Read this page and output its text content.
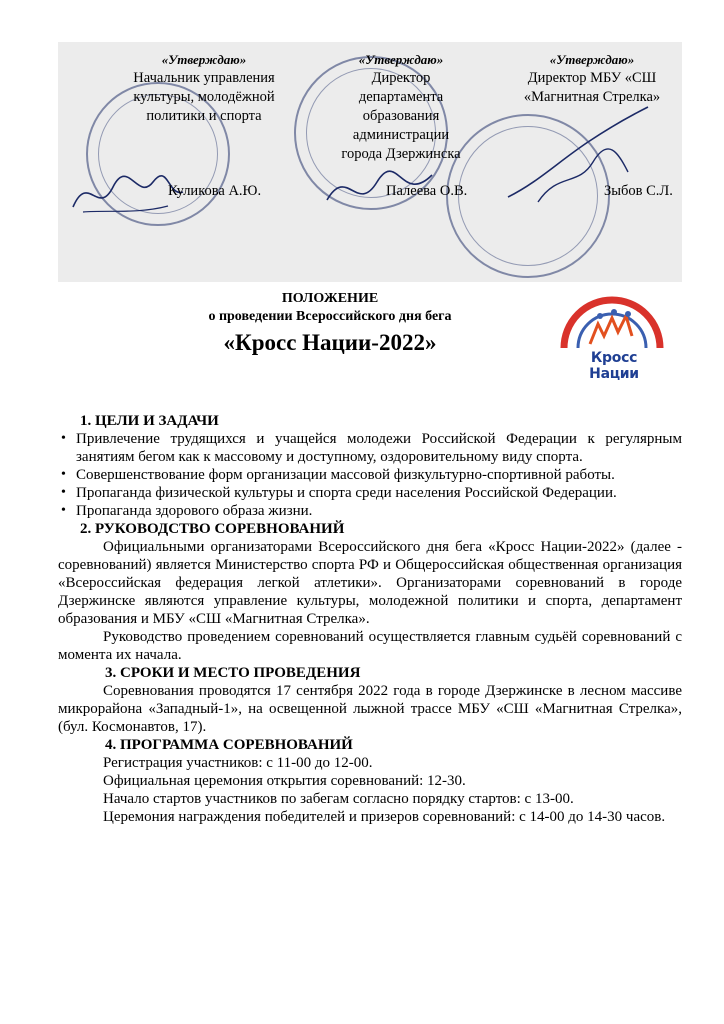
«Утверждаю»
Начальник управления
культуры, молодёжной
политики и спорта
Куликова А.Ю.
«Утверждаю»
Директор
департамента
образования
администрации
города Дзержинска
Палеева О.В.
«Утверждаю»
Директор МБУ «СШ
«Магнитная Стрелка»
Зыбов С.Л.
ПОЛОЖЕНИЕ
о проведении Всероссийского дня бега
«Кросс Нации-2022»
Кросс Нации
1. ЦЕЛИ И ЗАДАЧИ
• Привлечение трудящихся и учащейся молодежи Российской Федерации к регулярным занятиям бегом как к массовому и доступному, оздоровительному виду спорта.
• Совершенствование форм организации массовой физкультурно-спортивной работы.
• Пропаганда физической культуры и спорта среди населения Российской Федерации.
• Пропаганда здорового образа жизни.
2. РУКОВОДСТВО СОРЕВНОВАНИЙ

Официальными организаторами Всероссийского дня бега «Кросс Нации-2022» (далее - соревнований) является Министерство спорта РФ и Общероссийская общественная организация «Всероссийская федерация легкой атлетики». Организаторами соревнований в городе Дзержинске являются управление культуры, молодежной политики и спорта, департамент образования и МБУ «СШ «Магнитная Стрелка».

Руководство проведением соревнований осуществляется главным судьёй соревнований с момента их начала.

3. СРОКИ И МЕСТО ПРОВЕДЕНИЯ

Соревнования проводятся 17 сентября 2022 года в городе Дзержинске в лесном массиве микрорайона «Западный-1», на освещенной лыжной трассе МБУ «СШ «Магнитная Стрелка», (бул. Космонавтов, 17).

4. ПРОГРАММА СОРЕВНОВАНИЙ

Регистрация участников: с 11-00 до 12-00.

Официальная церемония открытия соревнований: 12-30.

Начало стартов участников по забегам согласно порядку стартов: с 13-00.

Церемония награждения победителей и призеров соревнований: с 14-00 до 14-30 часов.
